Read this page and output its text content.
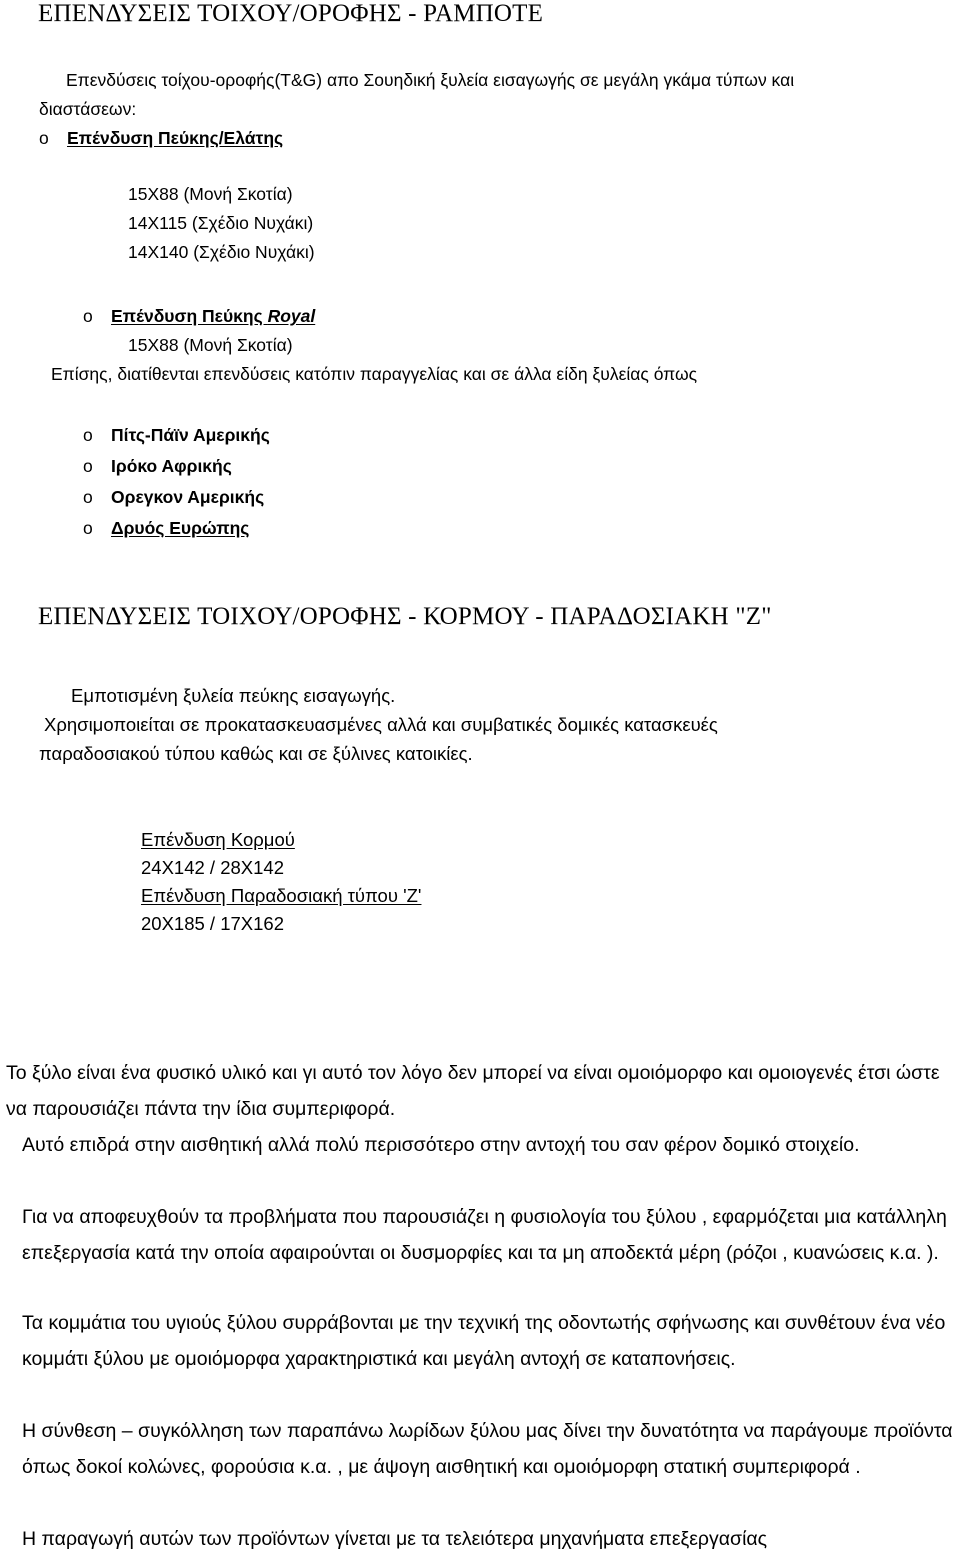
ΕΠΕΝΔΥΣΕΙΣ ΤΟΙΧΟΥ/ΟΡΟΦΗΣ - ΡΑΜΠΟΤΕ
Επενδύσεις τοίχου-οροφής(T&G) απο Σουηδική ξυλεία εισαγωγής σε μεγάλη γκάμα τύπων και
διαστάσεων:
o Επένδυση Πεύκης/Ελάτης
15Χ88 (Μονή Σκοτία)
14Χ115 (Σχέδιο Νυχάκι)
14Χ140 (Σχέδιο Νυχάκι)
o Επένδυση Πεύκης Royal
15Χ88 (Μονή Σκοτία)
Επίσης, διατίθενται επενδύσεις κατόπιν παραγγελίας και σε άλλα είδη ξυλείας όπως
o Πίτς-Πάϊν Αμερικής
o Ιρόκο Αφρικής
o Ορεγκον Αμερικής
o Δρυός Ευρώπης
ΕΠΕΝΔΥΣΕΙΣ ΤΟΙΧΟΥ/ΟΡΟΦΗΣ - ΚΟΡΜΟΥ - ΠΑΡΑΔΟΣΙΑΚΗ "Ζ"
Εμποτισμένη ξυλεία πεύκης εισαγωγής.
Χρησιμοποιείται σε προκατασκευασμένες αλλά και συμβατικές δομικές κατασκευές
παραδοσιακού τύπου καθώς και σε ξύλινες κατοικίες.
Επένδυση Κορμού
24Χ142 / 28Χ142
Επένδυση Παραδοσιακή τύπου 'Ζ'
20Χ185 / 17Χ162

Το ξύλο είναι ένα φυσικό υλικό και γι αυτό τον λόγο δεν μπορεί να είναι ομοιόμορφο και ομοιογενές έτσι ώστε να παρουσιάζει πάντα την ίδια συμπεριφορά.

Αυτό επιδρά στην αισθητική αλλά πολύ περισσότερο στην αντοχή του σαν φέρον δομικό στοιχείο.

Για να αποφευχθούν τα προβλήματα που παρουσιάζει η φυσιολογία του ξύλου , εφαρμόζεται μια κατάλληλη επεξεργασία κατά την οποία αφαιρούνται οι δυσμορφίες και τα μη αποδεκτά μέρη (ρόζοι , κυανώσεις κ.α. ).

Τα κομμάτια του υγιούς ξύλου συρράβονται με την τεχνική της οδοντωτής σφήνωσης και συνθέτουν ένα νέο κομμάτι ξύλου με ομοιόμορφα χαρακτηριστικά και μεγάλη αντοχή σε καταπονήσεις.

Η σύνθεση – συγκόλληση των παραπάνω λωρίδων ξύλου μας δίνει την δυνατότητα να παράγουμε προϊόντα όπως δοκοί κολώνες, φορούσια κ.α. , με άψογη αισθητική και ομοιόμορφη στατική συμπεριφορά .

Η παραγωγή αυτών των προϊόντων γίνεται με τα τελειότερα μηχανήματα επεξεργασίας
